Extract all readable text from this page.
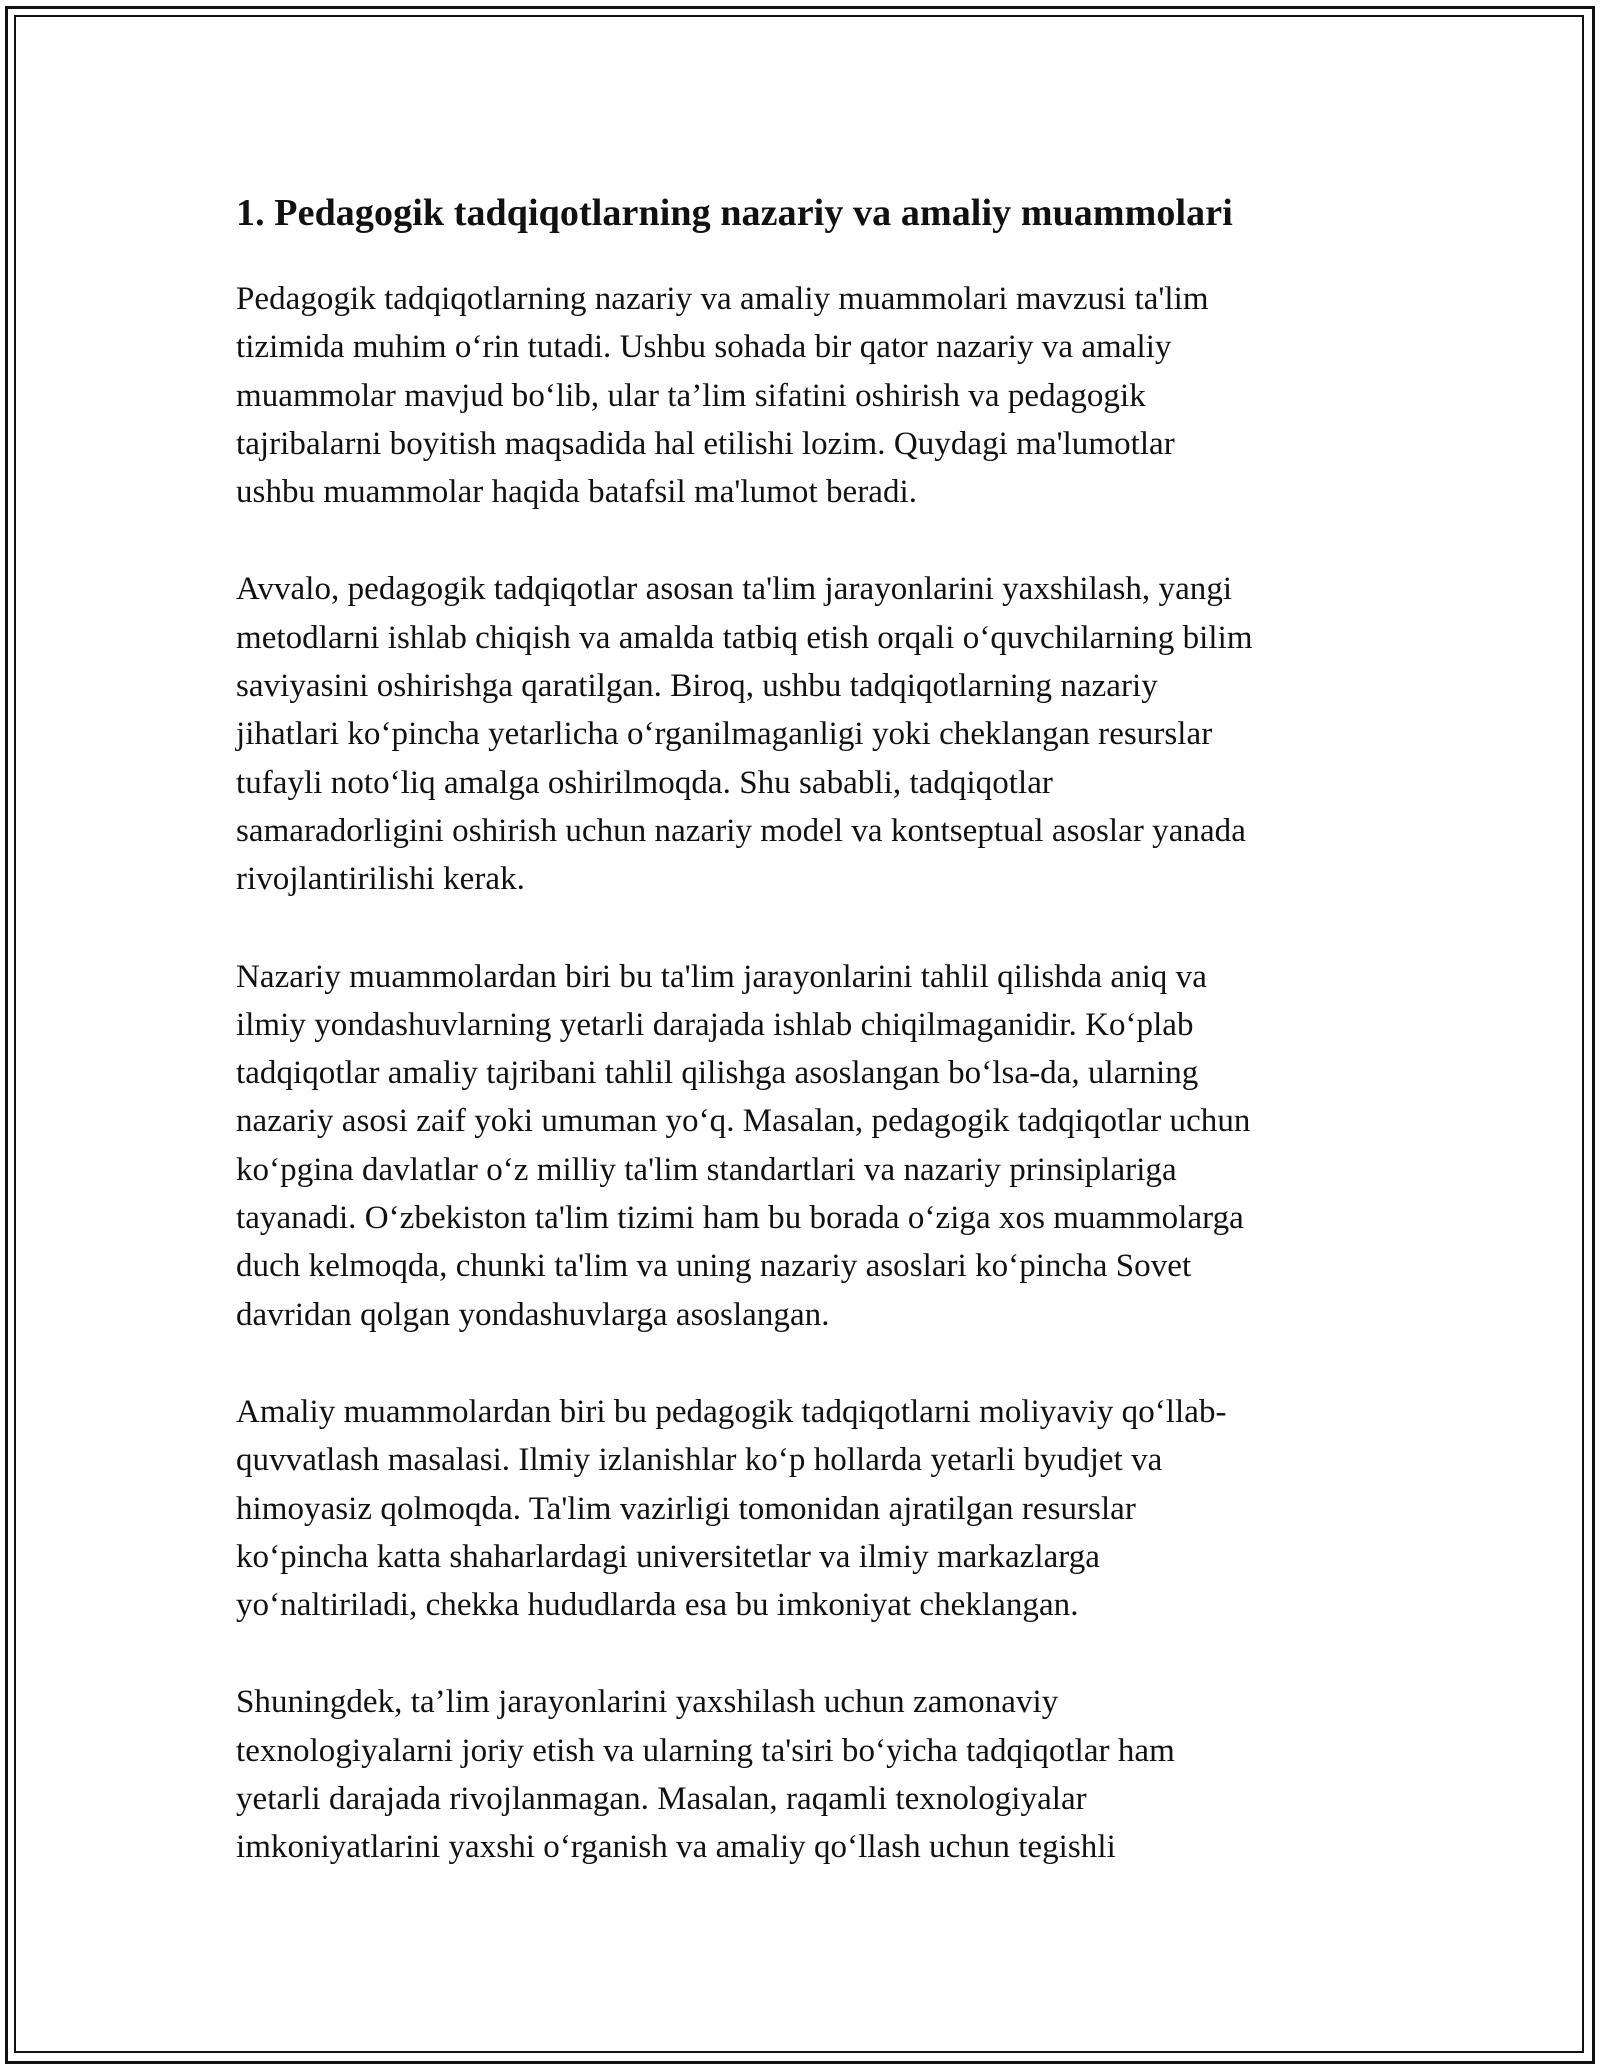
1. Pedagogik tadqiqotlarning nazariy va amaliy muammolari

Pedagogik tadqiqotlarning nazariy va amaliy muammolari mavzusi ta'lim
tizimida muhim o‘rin tutadi. Ushbu sohada bir qator nazariy va amaliy
muammolar mavjud bo‘lib, ular ta’lim sifatini oshirish va pedagogik
tajribalarni boyitish maqsadida hal etilishi lozim. Quydagi ma'lumotlar
ushbu muammolar haqida batafsil ma'lumot beradi.

Avvalo, pedagogik tadqiqotlar asosan ta'lim jarayonlarini yaxshilash, yangi
metodlarni ishlab chiqish va amalda tatbiq etish orqali o‘quvchilarning bilim
saviyasini oshirishga qaratilgan. Biroq, ushbu tadqiqotlarning nazariy
jihatlari ko‘pincha yetarlicha o‘rganilmaganligi yoki cheklangan resurslar
tufayli noto‘liq amalga oshirilmoqda. Shu sababli, tadqiqotlar
samaradorligini oshirish uchun nazariy model va kontseptual asoslar yanada
rivojlantirilishi kerak.

Nazariy muammolardan biri bu ta'lim jarayonlarini tahlil qilishda aniq va
ilmiy yondashuvlarning yetarli darajada ishlab chiqilmaganidir. Ko‘plab
tadqiqotlar amaliy tajribani tahlil qilishga asoslangan bo‘lsa-da, ularning
nazariy asosi zaif yoki umuman yo‘q. Masalan, pedagogik tadqiqotlar uchun
ko‘pgina davlatlar o‘z milliy ta'lim standartlari va nazariy prinsiplariga
tayanadi. O‘zbekiston ta'lim tizimi ham bu borada o‘ziga xos muammolarga
duch kelmoqda, chunki ta'lim va uning nazariy asoslari ko‘pincha Sovet
davridan qolgan yondashuvlarga asoslangan.

Amaliy muammolardan biri bu pedagogik tadqiqotlarni moliyaviy qo‘llab-
quvvatlash masalasi. Ilmiy izlanishlar ko‘p hollarda yetarli byudjet va
himoyasiz qolmoqda. Ta'lim vazirligi tomonidan ajratilgan resurslar
ko‘pincha katta shaharlardagi universitetlar va ilmiy markazlarga
yo‘naltiriladi, chekka hududlarda esa bu imkoniyat cheklangan.

Shuningdek, ta’lim jarayonlarini yaxshilash uchun zamonaviy
texnologiyalarni joriy etish va ularning ta'siri bo‘yicha tadqiqotlar ham
yetarli darajada rivojlanmagan. Masalan, raqamli texnologiyalar
imkoniyatlarini yaxshi o‘rganish va amaliy qo‘llash uchun tegishli
